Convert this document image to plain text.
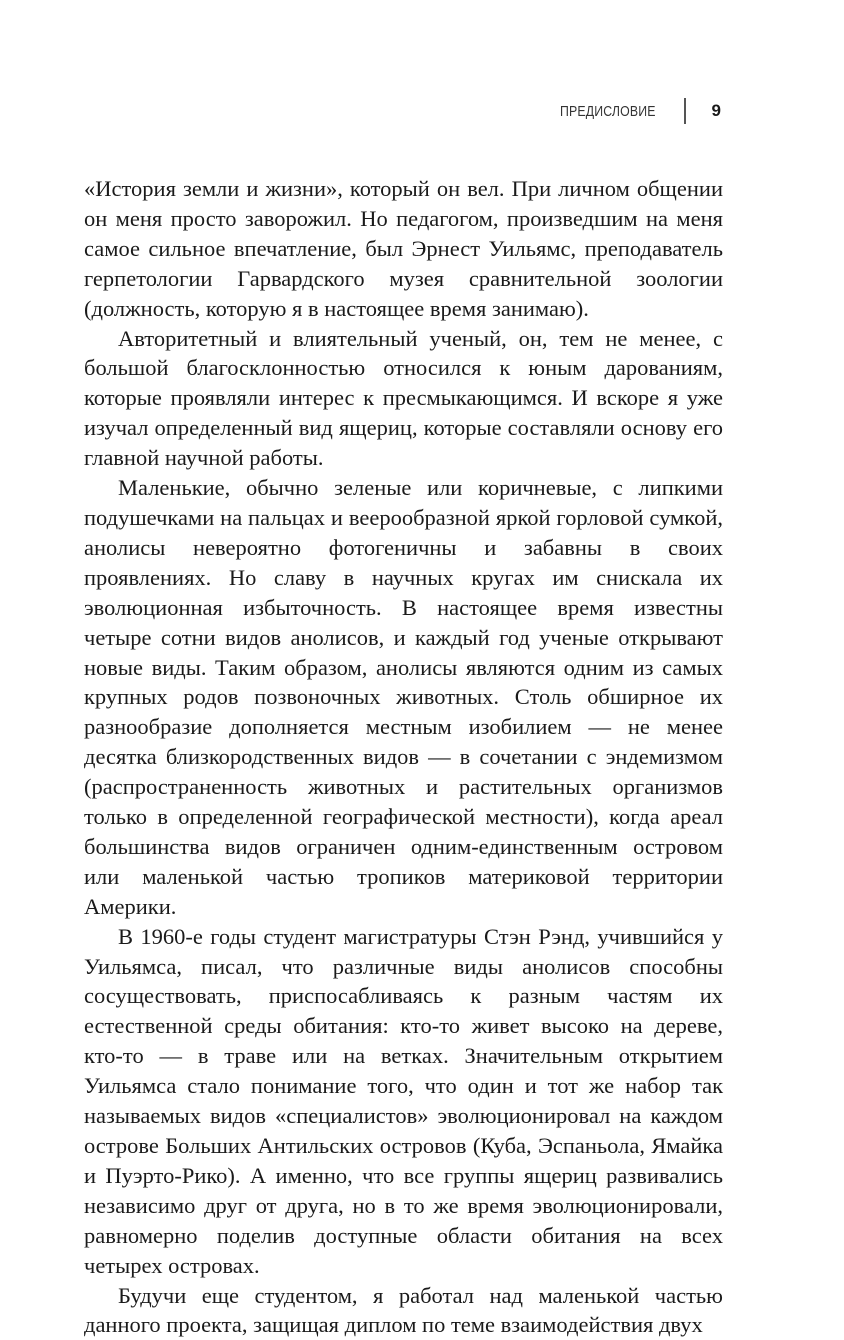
ПРЕДИСЛОВИЕ	9

«История земли и жизни», который он вел. При личном общении он меня просто заворожил. Но педагогом, произведшим на меня самое сильное впечатление, был Эрнест Уильямс, преподаватель герпетологии Гарвардского музея сравнительной зоологии (должность, которую я в настоящее время занимаю).

Авторитетный и влиятельный ученый, он, тем не менее, с большой благосклонностью относился к юным дарованиям, которые проявляли интерес к пресмыкающимся. И вскоре я уже изучал определенный вид ящериц, которые составляли основу его главной научной работы.

Маленькие, обычно зеленые или коричневые, с липкими подушечками на пальцах и веерообразной яркой горловой сумкой, анолисы невероятно фотогеничны и забавны в своих проявлениях. Но славу в научных кругах им снискала их эволюционная избыточность. В настоящее время известны четыре сотни видов анолисов, и каждый год ученые открывают новые виды. Таким образом, анолисы являются одним из самых крупных родов позвоночных животных. Столь обширное их разнообразие дополняется местным изобилием — не менее десятка близкородственных видов — в сочетании с эндемизмом (распространенность животных и растительных организмов только в определенной географической местности), когда ареал большинства видов ограничен одним-единственным островом или маленькой частью тропиков материковой территории Америки.

В 1960-е годы студент магистратуры Стэн Рэнд, учившийся у Уильямса, писал, что различные виды анолисов способны сосуществовать, приспосабливаясь к разным частям их естественной среды обитания: кто-то живет высоко на дереве, кто-то — в траве или на ветках. Значительным открытием Уильямса стало понимание того, что один и тот же набор так называемых видов «специалистов» эволюционировал на каждом острове Больших Антильских островов (Куба, Эспаньола, Ямайка и Пуэрто-Рико). А именно, что все группы ящериц развивались независимо друг от друга, но в то же время эволюционировали, равномерно поделив доступные области обитания на всех четырех островах.

Будучи еще студентом, я работал над маленькой частью данного проекта, защищая диплом по теме взаимодействия двух
